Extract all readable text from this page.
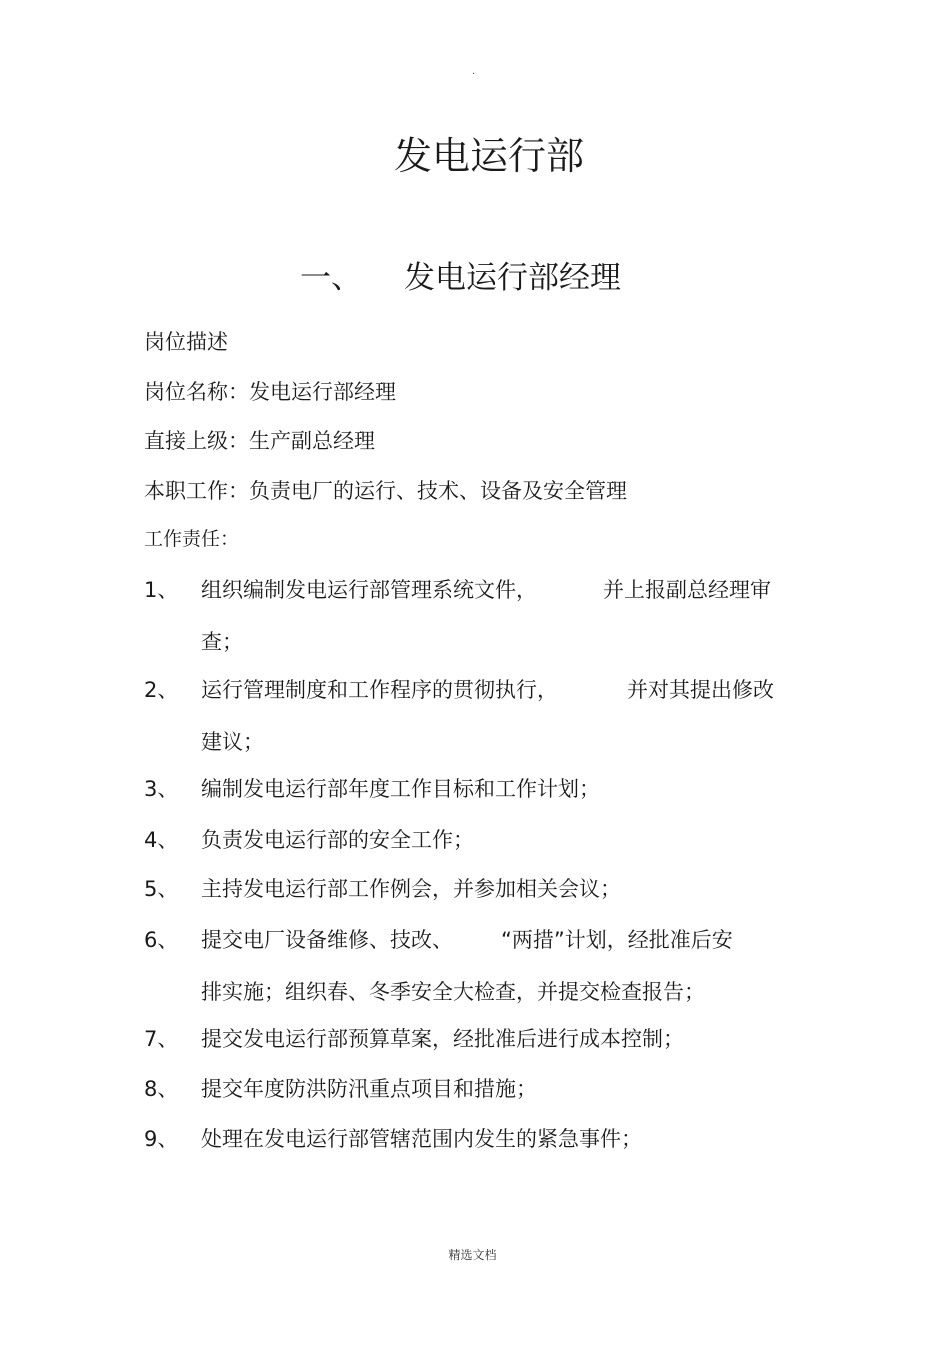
·
发电运行部
一、 发电运行部经理
岗位描述
岗位名称：发电运行部经理
直接上级：生产副总经理
本职工作：负责电厂的运行、技术、设备及安全管理
工作责任：
1、	组织编制发电运行部管理系统文件，	并上报副总经理审
查；
2、	运行管理制度和工作程序的贯彻执行，	并对其提出修改
建议；
3、	编制发电运行部年度工作目标和工作计划；
4、	负责发电运行部的安全工作；
5、	主持发电运行部工作例会，并参加相关会议；
6、	提交电厂设备维修、技改、 “两措”计划，经批准后安
排实施；组织春、冬季安全大检查，并提交检查报告；
7、	提交发电运行部预算草案，经批准后进行成本控制；
8、	提交年度防洪防汛重点项目和措施；
9、	处理在发电运行部管辖范围内发生的紧急事件；
精选文档
